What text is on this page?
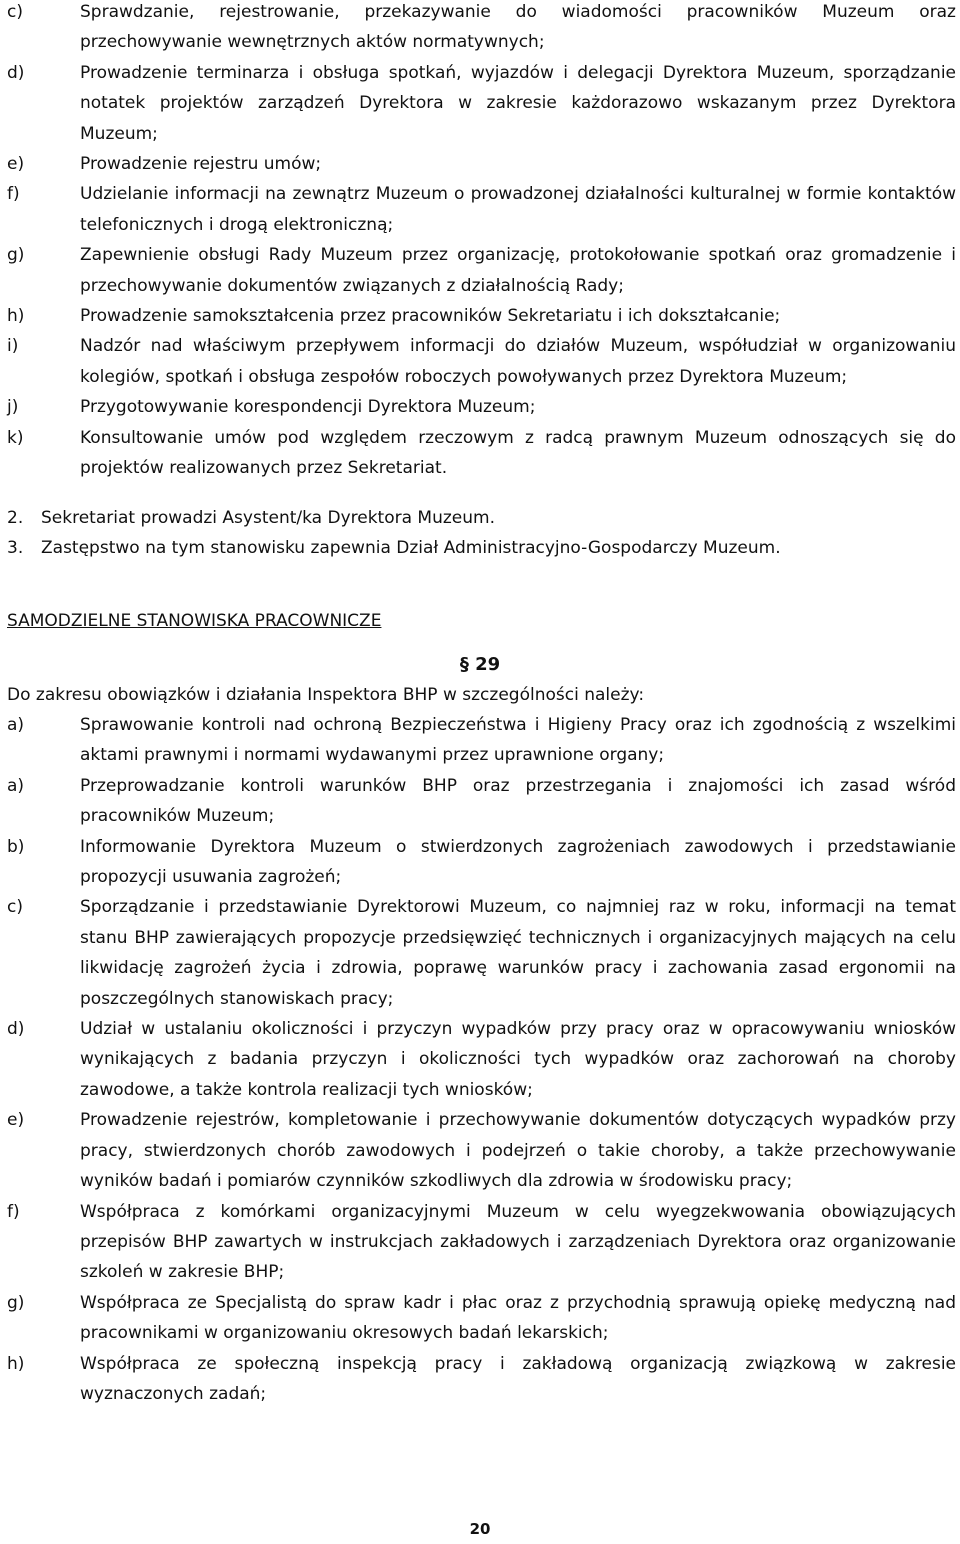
c)	Sprawdzanie, rejestrowanie, przekazywanie do wiadomości pracowników Muzeum oraz przechowywanie wewnętrznych aktów normatywnych;
d)	Prowadzenie terminarza i obsługa spotkań, wyjazdów i delegacji Dyrektora Muzeum, sporządzanie notatek projektów zarządzeń Dyrektora w zakresie każdorazowo wskazanym przez Dyrektora Muzeum;
e)	Prowadzenie rejestru umów;
f)	Udzielanie informacji na zewnątrz Muzeum o prowadzonej działalności kulturalnej w formie kontaktów telefonicznych i drogą elektroniczną;
g)	Zapewnienie obsługi Rady Muzeum przez organizację, protokołowanie spotkań oraz gromadzenie i przechowywanie dokumentów związanych z działalnością Rady;
h)	Prowadzenie samokształcenia przez pracowników Sekretariatu i ich dokształcanie;
i)	Nadzór nad właściwym przepływem informacji do działów Muzeum, współudział w organizowaniu kolegiów, spotkań i obsługa zespołów roboczych powoływanych przez Dyrektora Muzeum;
j)	Przygotowywanie korespondencji Dyrektora Muzeum;
k)	Konsultowanie umów pod względem rzeczowym z radcą prawnym Muzeum odnoszących się do projektów realizowanych przez Sekretariat.
2. Sekretariat prowadzi Asystent/ka Dyrektora Muzeum.
3. Zastępstwo na tym stanowisku zapewnia Dział Administracyjno-Gospodarczy Muzeum.
SAMODZIELNE STANOWISKA PRACOWNICZE
§ 29
Do zakresu obowiązków i działania Inspektora BHP w szczególności należy:
a)	Sprawowanie kontroli nad ochroną Bezpieczeństwa i Higieny Pracy oraz ich zgodnością z wszelkimi aktami prawnymi i normami wydawanymi przez uprawnione organy;
a)	Przeprowadzanie kontroli warunków BHP oraz przestrzegania i znajomości ich zasad wśród pracowników Muzeum;
b)	Informowanie Dyrektora Muzeum o stwierdzonych zagrożeniach zawodowych i przedstawianie propozycji usuwania zagrożeń;
c)	Sporządzanie i przedstawianie Dyrektorowi Muzeum, co najmniej raz w roku, informacji na temat stanu BHP zawierających propozycje przedsięwzięć technicznych i organizacyjnych mających na celu likwidację zagrożeń życia i zdrowia, poprawę warunków pracy i zachowania zasad ergonomii na poszczególnych stanowiskach pracy;
d)	Udział w ustalaniu okoliczności i przyczyn wypadków przy pracy oraz w opracowywaniu wniosków wynikających z badania przyczyn i okoliczności tych wypadków oraz zachorowań na choroby zawodowe, a także kontrola realizacji tych wniosków;
e)	Prowadzenie rejestrów, kompletowanie i przechowywanie dokumentów dotyczących wypadków przy pracy, stwierdzonych chorób zawodowych i podejrzeń o takie choroby, a także przechowywanie wyników badań i pomiarów czynników szkodliwych dla zdrowia w środowisku pracy;
f)	Współpraca z komórkami organizacyjnymi Muzeum w celu wyegzekwowania obowiązujących przepisów BHP zawartych w instrukcjach zakładowych i zarządzeniach Dyrektora oraz organizowanie szkoleń w zakresie BHP;
g)	Współpraca ze Specjalistą do spraw kadr i płac oraz z przychodnią sprawują opiekę medyczną nad pracownikami w organizowaniu okresowych badań lekarskich;
h)	Współpraca ze społeczną inspekcją pracy i zakładową organizacją związkową w zakresie wyznaczonych zadań;
20
